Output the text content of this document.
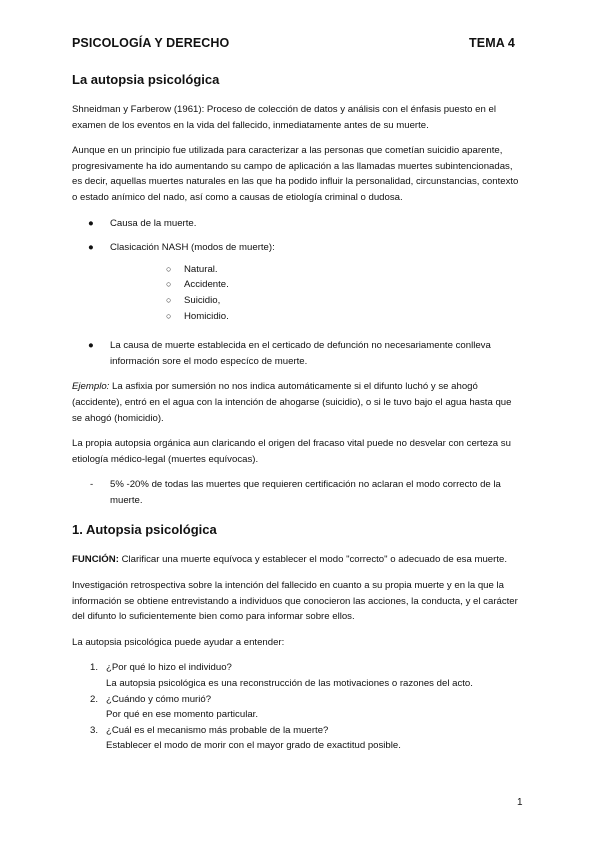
PSICOLOGÍA Y DERECHO	TEMA 4
La autopsia psicológica

Shneidman y Farberow (1961): Proceso de colección de datos y análisis con el énfasis puesto en el examen de los eventos en la vida del fallecido, inmediatamente antes de su muerte.

Aunque en un principio fue utilizada para caracterizar a las personas que cometían suicidio aparente, progresivamente ha ido aumentando su campo de aplicación a las llamadas muertes subintencionadas, es decir, aquellas muertes naturales en las que ha podido influir la personalidad, circunstancias, contexto o estado anímico del nado, así como a causas de etiología criminal o dudosa.

● Causa de la muerte.
● Clasicación NASH (modos de muerte):
○ Natural.
○ Accidente.
○ Suicidio,
○ Homicidio.
● La causa de muerte establecida en el certicado de defunción no necesariamente conlleva información sore el modo especíco de muerte.

Ejemplo: La asfixia por sumersión no nos indica automáticamente si el difunto luchó y se ahogó (accidente), entró en el agua con la intención de ahogarse (suicidio), o si le tuvo bajo el agua hasta que se ahogó (homicidio).

La propia autopsia orgánica aun claricando el origen del fracaso vital puede no desvelar con certeza su etiología médico-legal (muertes equívocas).

- 5% -20% de todas las muertes que requieren certificación no aclaran el modo correcto de la muerte.
1. Autopsia psicológica

FUNCIÓN: Clarificar una muerte equívoca y establecer el modo "correcto" o adecuado de esa muerte.

Investigación retrospectiva sobre la intención del fallecido en cuanto a su propia muerte y en la que la información se obtiene entrevistando a individuos que conocieron las acciones, la conducta, y el carácter del difunto lo suficientemente bien como para informar sobre ellos.

La autopsia psicológica puede ayudar a entender:

1. ¿Por qué lo hizo el individuo?
La autopsia psicológica es una reconstrucción de las motivaciones o razones del acto.
2. ¿Cuándo y cómo murió?
Por qué en ese momento particular.
3. ¿Cuál es el mecanismo más probable de la muerte?
Establecer el modo de morir con el mayor grado de exactitud posible.
1
